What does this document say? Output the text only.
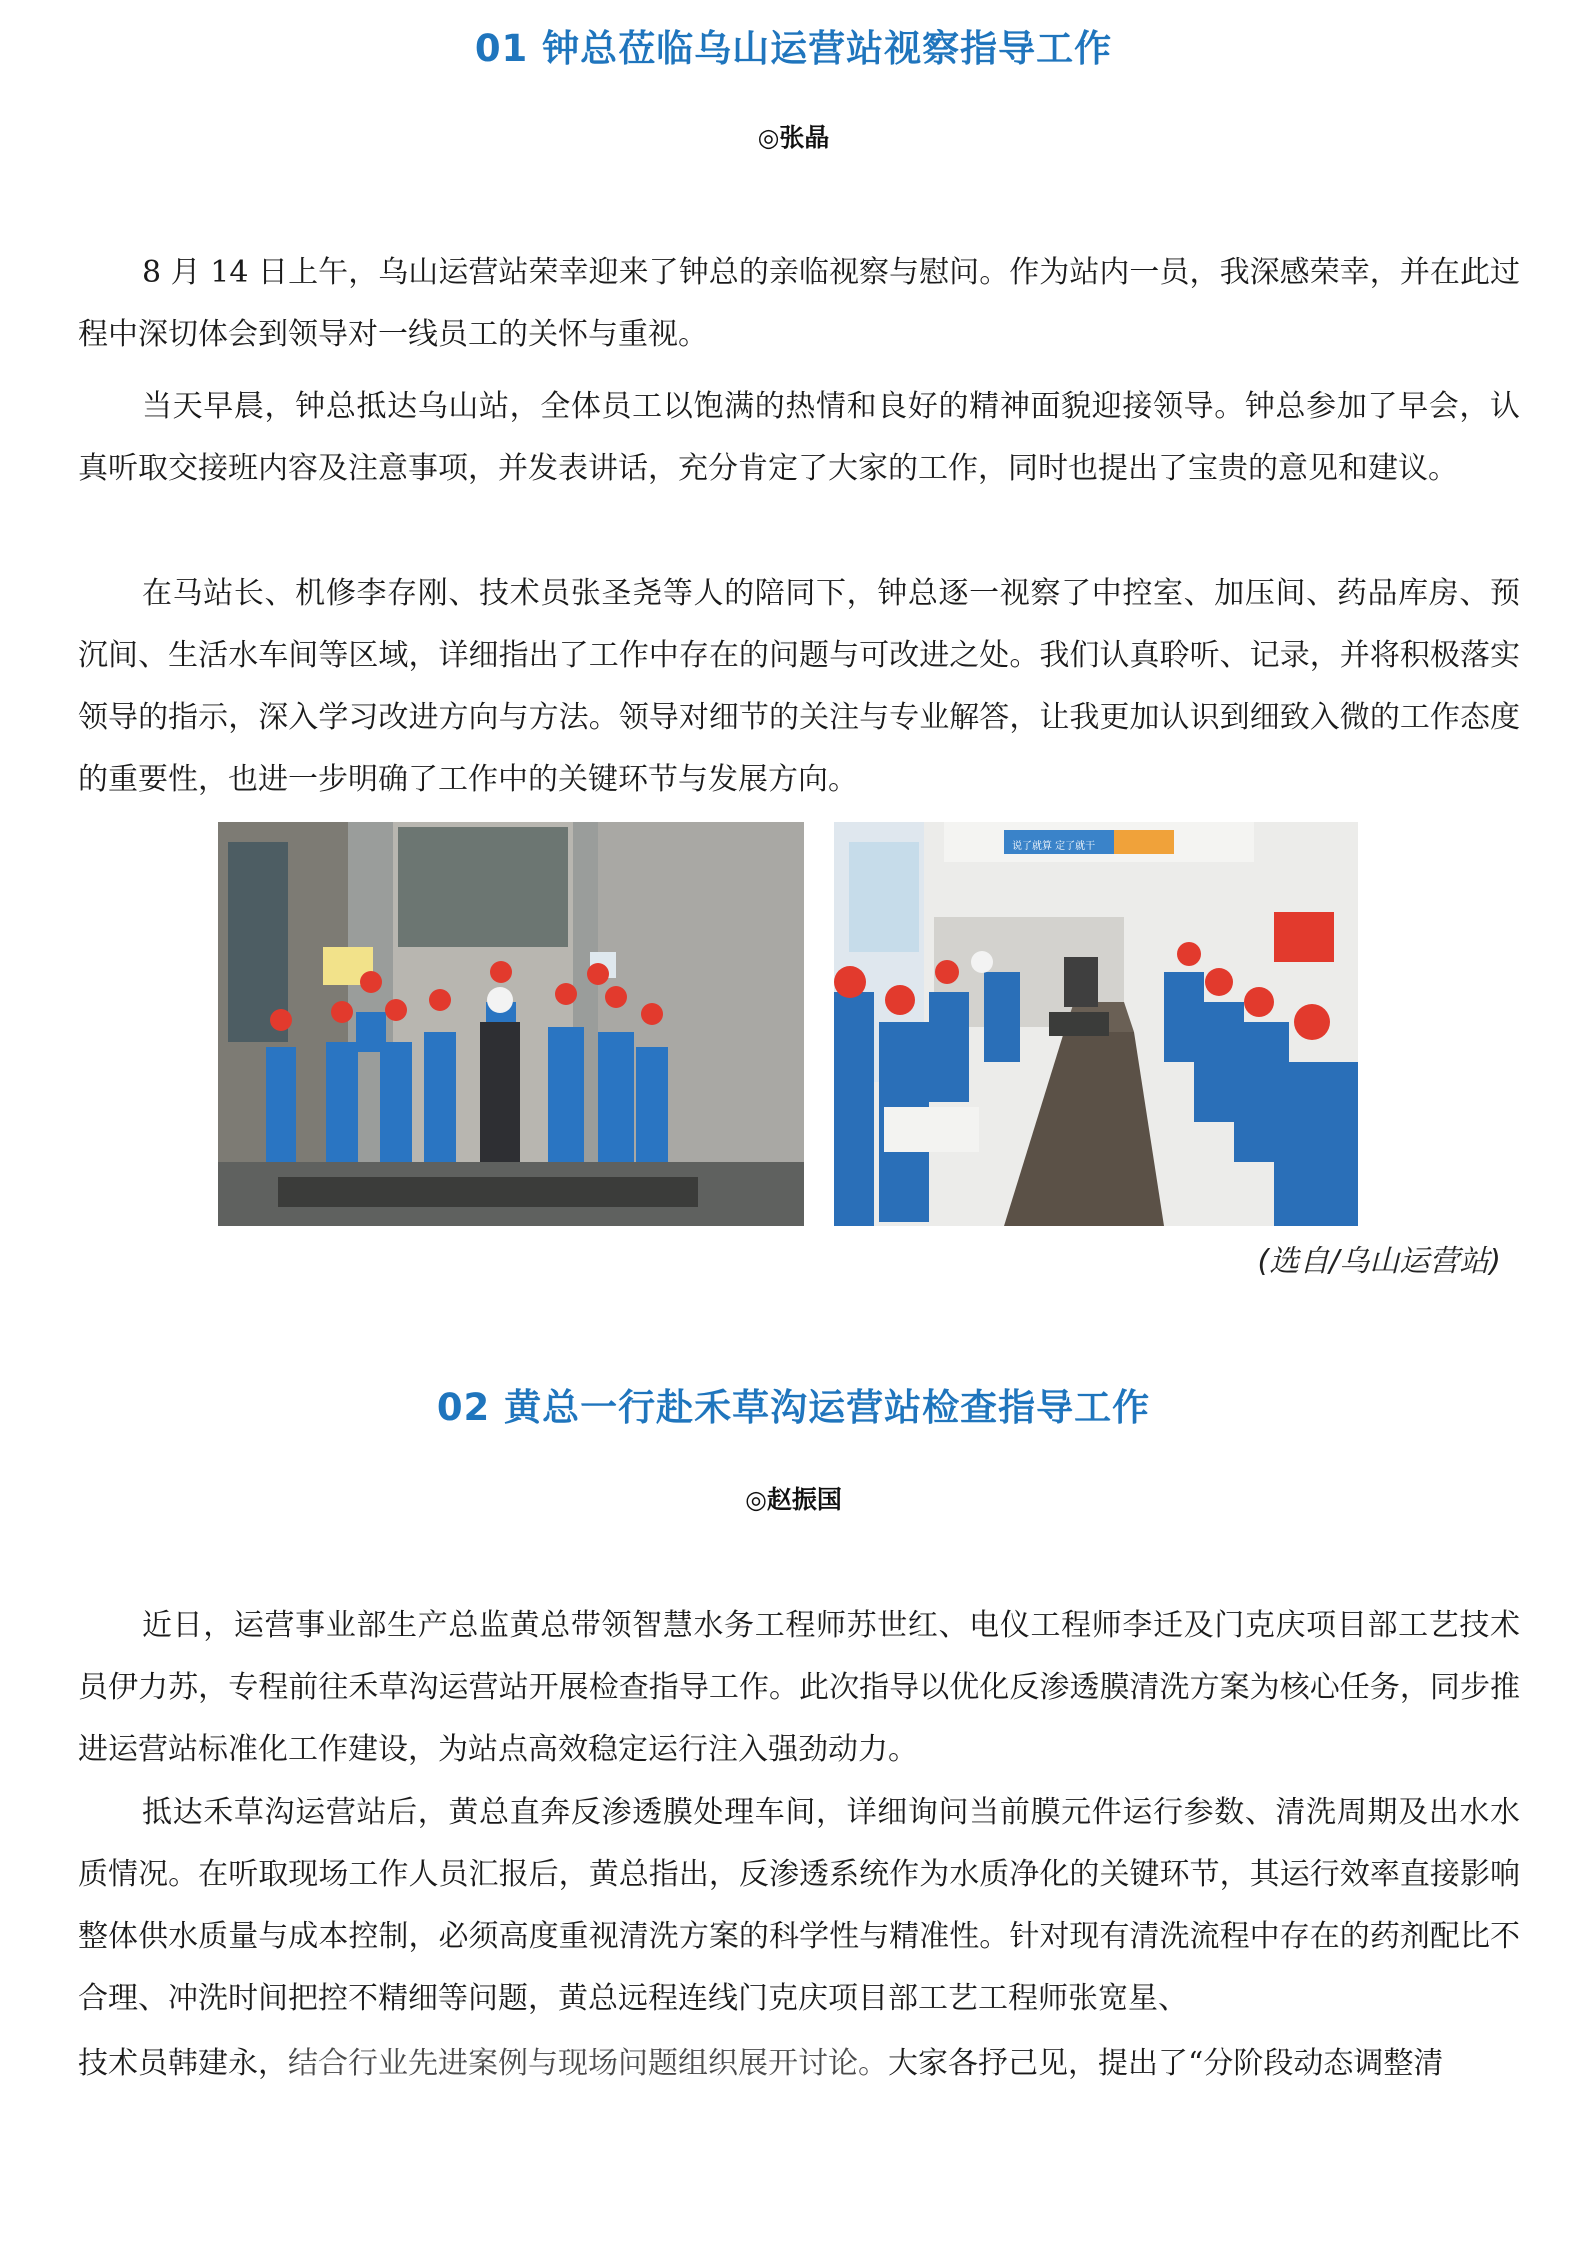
01 钟总莅临乌山运营站视察指导工作
◎张晶

8 月 14 日上午，乌山运营站荣幸迎来了钟总的亲临视察与慰问。作为站内一员，我深感荣幸，并在此过程中深切体会到领导对一线员工的关怀与重视。

当天早晨，钟总抵达乌山站，全体员工以饱满的热情和良好的精神面貌迎接领导。钟总参加了早会，认真听取交接班内容及注意事项，并发表讲话，充分肯定了大家的工作，同时也提出了宝贵的意见和建议。

在马站长、机修李存刚、技术员张圣尧等人的陪同下，钟总逐一视察了中控室、加压间、药品库房、预沉间、生活水车间等区域，详细指出了工作中存在的问题与可改进之处。我们认真聆听、记录，并将积极落实领导的指示，深入学习改进方向与方法。领导对细节的关注与专业解答，让我更加认识到细致入微的工作态度的重要性，也进一步明确了工作中的关键环节与发展方向。

说了就算 定了就干
(选自/乌山运营站)
02 黄总一行赴禾草沟运营站检查指导工作
◎赵振国

近日，运营事业部生产总监黄总带领智慧水务工程师苏世红、电仪工程师李迁及门克庆项目部工艺技术员伊力苏，专程前往禾草沟运营站开展检查指导工作。此次指导以优化反渗透膜清洗方案为核心任务，同步推进运营站标准化工作建设，为站点高效稳定运行注入强劲动力。

抵达禾草沟运营站后，黄总直奔反渗透膜处理车间，详细询问当前膜元件运行参数、清洗周期及出水水质情况。在听取现场工作人员汇报后，黄总指出，反渗透系统作为水质净化的关键环节，其运行效率直接影响整体供水质量与成本控制，必须高度重视清洗方案的科学性与精准性。针对现有清洗流程中存在的药剂配比不合理、冲洗时间把控不精细等问题，黄总远程连线门克庆项目部工艺工程师张宽星、

技术员韩建永，结合行业先进案例与现场问题组织展开讨论。大家各抒己见，提出了“分阶段动态调整清
